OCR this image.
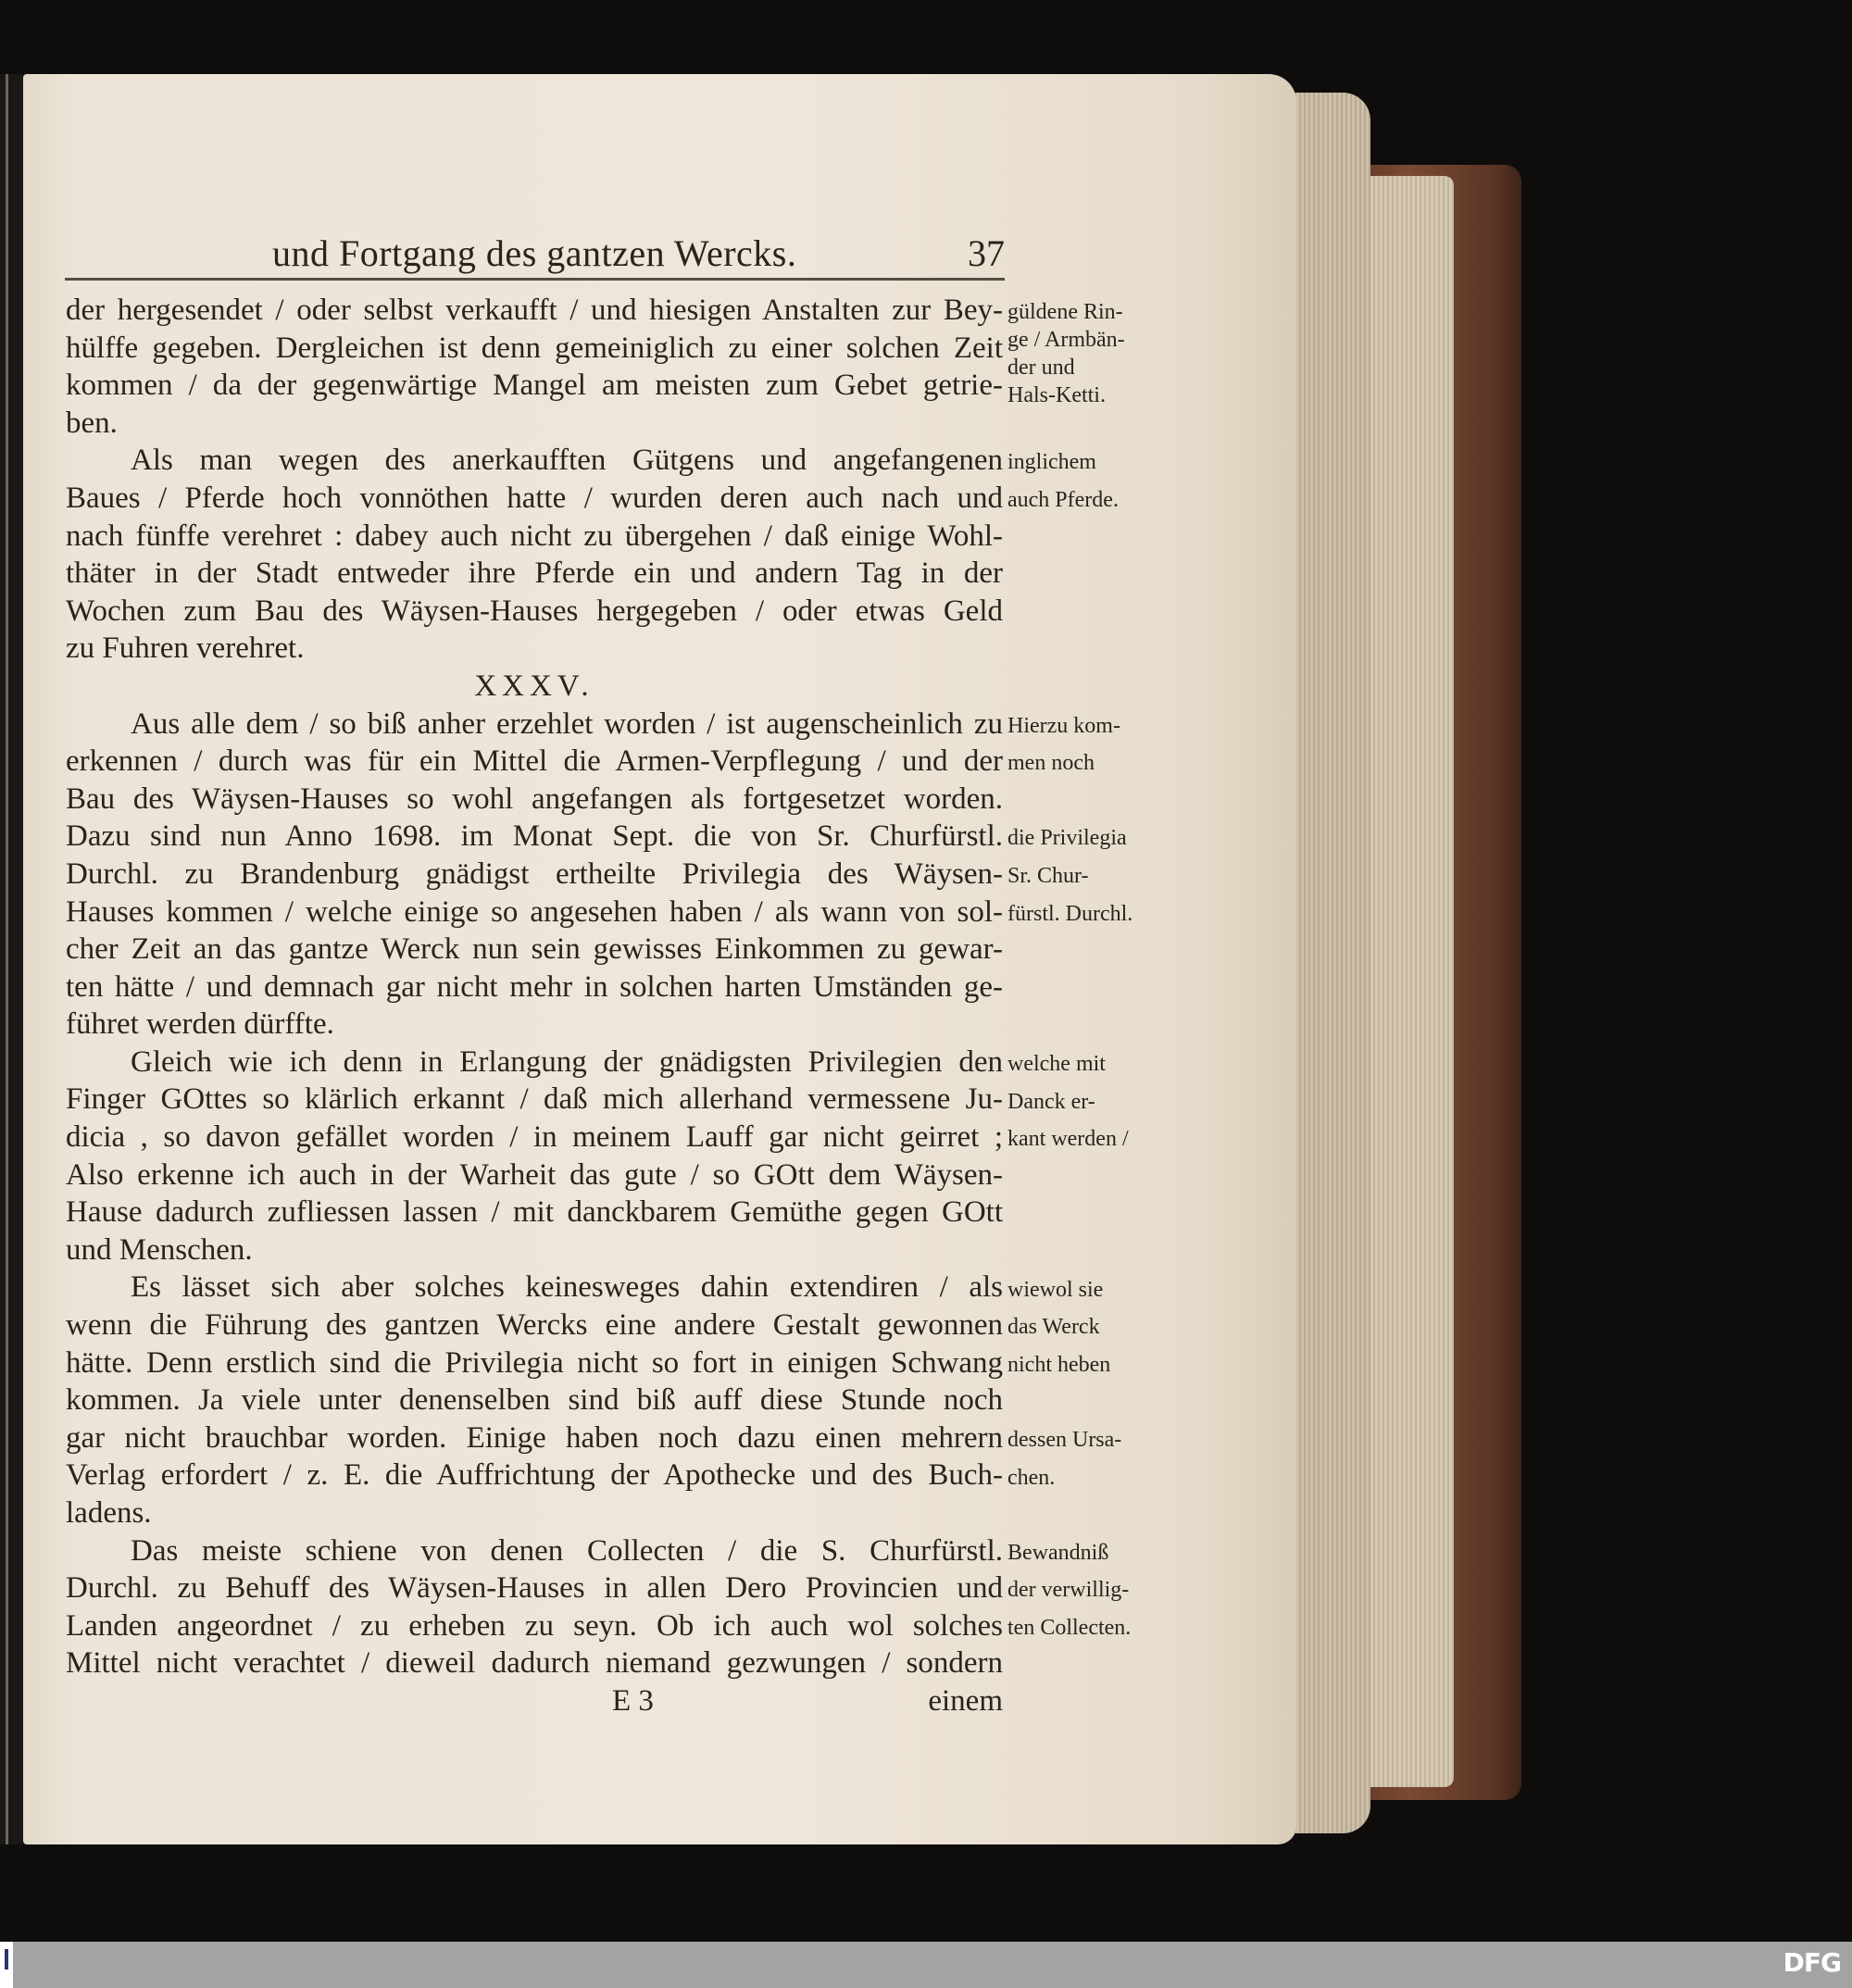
und Fortgang des gantzen Wercks.	37
der hergesendet / oder selbst verkaufft / und hiesigen Anstalten zur Bey-
hülffe gegeben. Dergleichen ist denn gemeiniglich zu einer solchen Zeit
kommen / da der gegenwärtige Mangel am meisten zum Gebet getrie-
ben.
Als man wegen des anerkaufften Gütgens und angefangenen
Baues / Pferde hoch vonnöthen hatte / wurden deren auch nach und
nach fünffe verehret : dabey auch nicht zu übergehen / daß einige Wohl-
thäter in der Stadt entweder ihre Pferde ein und andern Tag in der
Wochen zum Bau des Wäysen-Hauses hergegeben / oder etwas Geld
zu Fuhren verehret.
XXXV.
Aus alle dem / so biß anher erzehlet worden / ist augenscheinlich zu
erkennen / durch was für ein Mittel die Armen-Verpflegung / und der
Bau des Wäysen-Hauses so wohl angefangen als fortgesetzet worden.
Dazu sind nun Anno 1698. im Monat Sept. die von Sr. Churfürstl.
Durchl. zu Brandenburg gnädigst ertheilte Privilegia des Wäysen-
Hauses kommen / welche einige so angesehen haben / als wann von sol-
cher Zeit an das gantze Werck nun sein gewisses Einkommen zu gewar-
ten hätte / und demnach gar nicht mehr in solchen harten Umständen ge-
führet werden dürffte.
Gleich wie ich denn in Erlangung der gnädigsten Privilegien den
Finger GOttes so klärlich erkannt / daß mich allerhand vermessene Ju-
dicia , so davon gefället worden / in meinem Lauff gar nicht geirret ;
Also erkenne ich auch in der Warheit das gute / so GOtt dem Wäysen-
Hause dadurch zufliessen lassen / mit danckbarem Gemüthe gegen GOtt
und Menschen.
Es lässet sich aber solches keinesweges dahin extendiren / als
wenn die Führung des gantzen Wercks eine andere Gestalt gewonnen
hätte. Denn erstlich sind die Privilegia nicht so fort in einigen Schwang
kommen. Ja viele unter denenselben sind biß auff diese Stunde noch
gar nicht brauchbar worden. Einige haben noch dazu einen mehrern
Verlag erfordert / z. E. die Auffrichtung der Apothecke und des Buch-
ladens.
Das meiste schiene von denen Collecten / die S. Churfürstl.
Durchl. zu Behuff des Wäysen-Hauses in allen Dero Provincien und
Landen angeordnet / zu erheben zu seyn. Ob ich auch wol solches
Mittel nicht verachtet / dieweil dadurch niemand gezwungen / sondern
E 3	einem
güldene Rin-
ge / Armbän-
der und
Hals-Ketti.
inglichem
auch Pferde.
Hierzu kom-
men noch
die Privilegia
Sr. Chur-
fürstl. Durchl.
welche mit
Danck er-
kant werden /
wiewol sie
das Werck
nicht heben
dessen Ursa-
chen.
Bewandniß
der verwillig-
ten Collecten.
DFG
